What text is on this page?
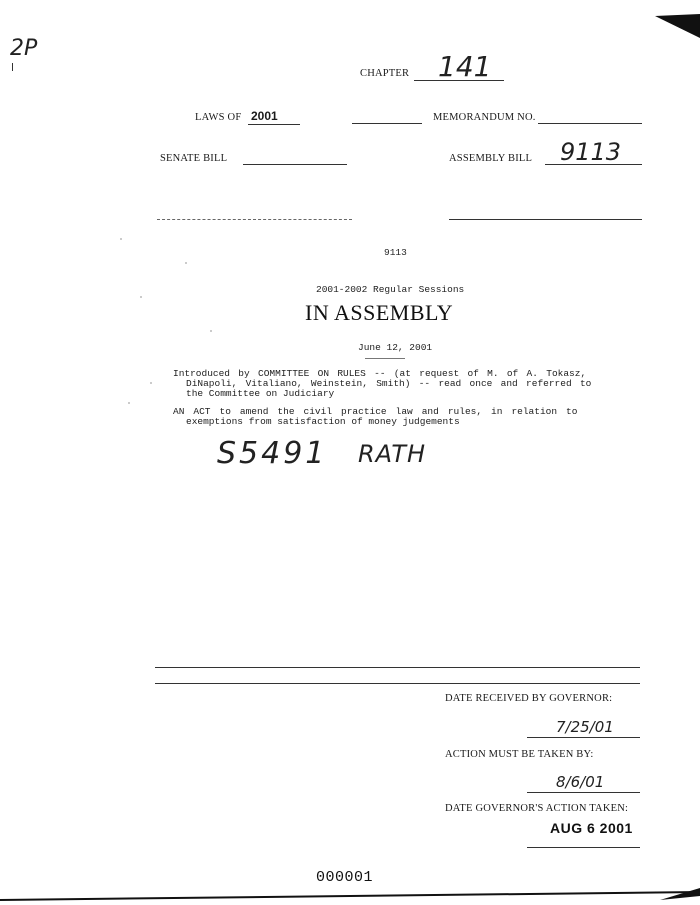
2P
CHAPTER 141
LAWS OF 2001	MEMORANDUM NO.
SENATE BILL	ASSEMBLY BILL 9113
9113
2001-2002 Regular Sessions
IN ASSEMBLY
June 12, 2001
Introduced by COMMITTEE ON RULES -- (at request of M. of A. Tokasz,
DiNapoli, Vitaliano, Weinstein, Smith) -- read once and referred to
the Committee on Judiciary
AN ACT to amend the civil practice law and rules, in relation to
exemptions from satisfaction of money judgements
S5491 RATH
DATE RECEIVED BY GOVERNOR:
7/25/01
ACTION MUST BE TAKEN BY:
8/6/01
DATE GOVERNOR'S ACTION TAKEN:
AUG 6 2001
000001
